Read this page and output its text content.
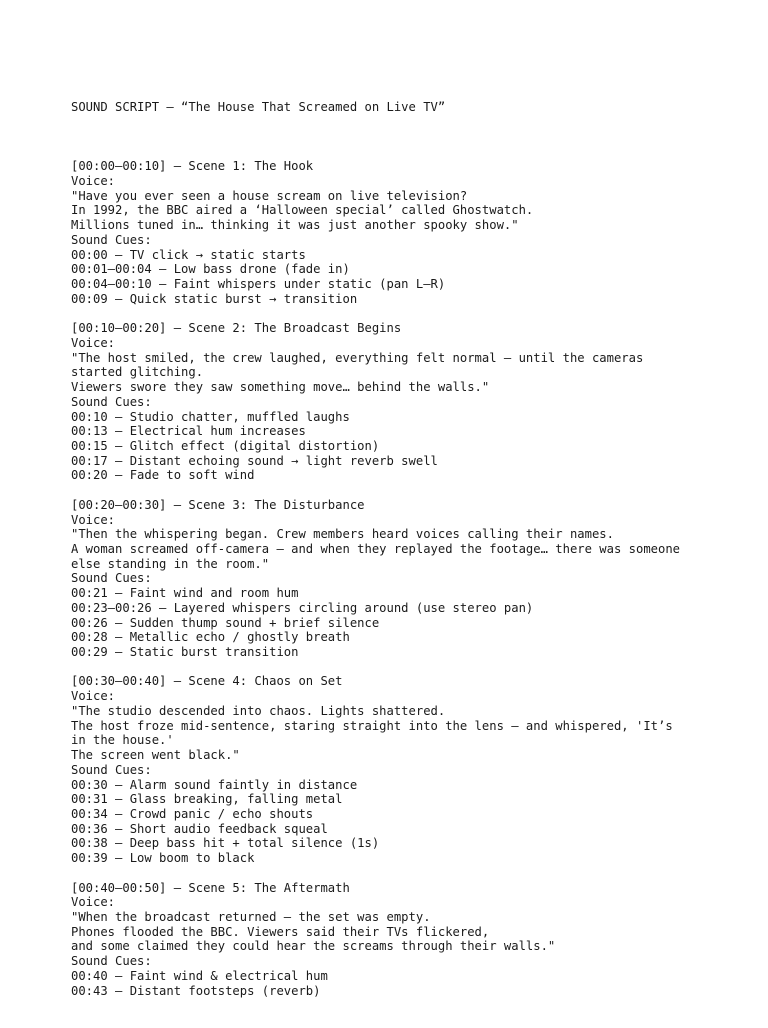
SOUND SCRIPT — “The House That Screamed on Live TV”

[00:00–00:10] — Scene 1: The Hook
Voice:
"Have you ever seen a house scream on live television?
In 1992, the BBC aired a ‘Halloween special’ called Ghostwatch.
Millions tuned in… thinking it was just another spooky show."
Sound Cues:
00:00 – TV click → static starts
00:01–00:04 – Low bass drone (fade in)
00:04–00:10 – Faint whispers under static (pan L–R)
00:09 – Quick static burst → transition
[00:10–00:20] — Scene 2: The Broadcast Begins
Voice:
"The host smiled, the crew laughed, everything felt normal — until the cameras
started glitching.
Viewers swore they saw something move… behind the walls."
Sound Cues:
00:10 – Studio chatter, muffled laughs
00:13 – Electrical hum increases
00:15 – Glitch effect (digital distortion)
00:17 – Distant echoing sound → light reverb swell
00:20 – Fade to soft wind
[00:20–00:30] — Scene 3: The Disturbance
Voice:
"Then the whispering began. Crew members heard voices calling their names.
A woman screamed off-camera — and when they replayed the footage… there was someone
else standing in the room."
Sound Cues:
00:21 – Faint wind and room hum
00:23–00:26 – Layered whispers circling around (use stereo pan)
00:26 – Sudden thump sound + brief silence
00:28 – Metallic echo / ghostly breath
00:29 – Static burst transition
[00:30–00:40] — Scene 4: Chaos on Set
Voice:
"The studio descended into chaos. Lights shattered.
The host froze mid-sentence, staring straight into the lens — and whispered, 'It’s
in the house.'
The screen went black."
Sound Cues:
00:30 – Alarm sound faintly in distance
00:31 – Glass breaking, falling metal
00:34 – Crowd panic / echo shouts
00:36 – Short audio feedback squeal
00:38 – Deep bass hit + total silence (1s)
00:39 – Low boom to black
[00:40–00:50] — Scene 5: The Aftermath
Voice:
"When the broadcast returned — the set was empty.
Phones flooded the BBC. Viewers said their TVs flickered,
and some claimed they could hear the screams through their walls."
Sound Cues:
00:40 – Faint wind & electrical hum
00:43 – Distant footsteps (reverb)
